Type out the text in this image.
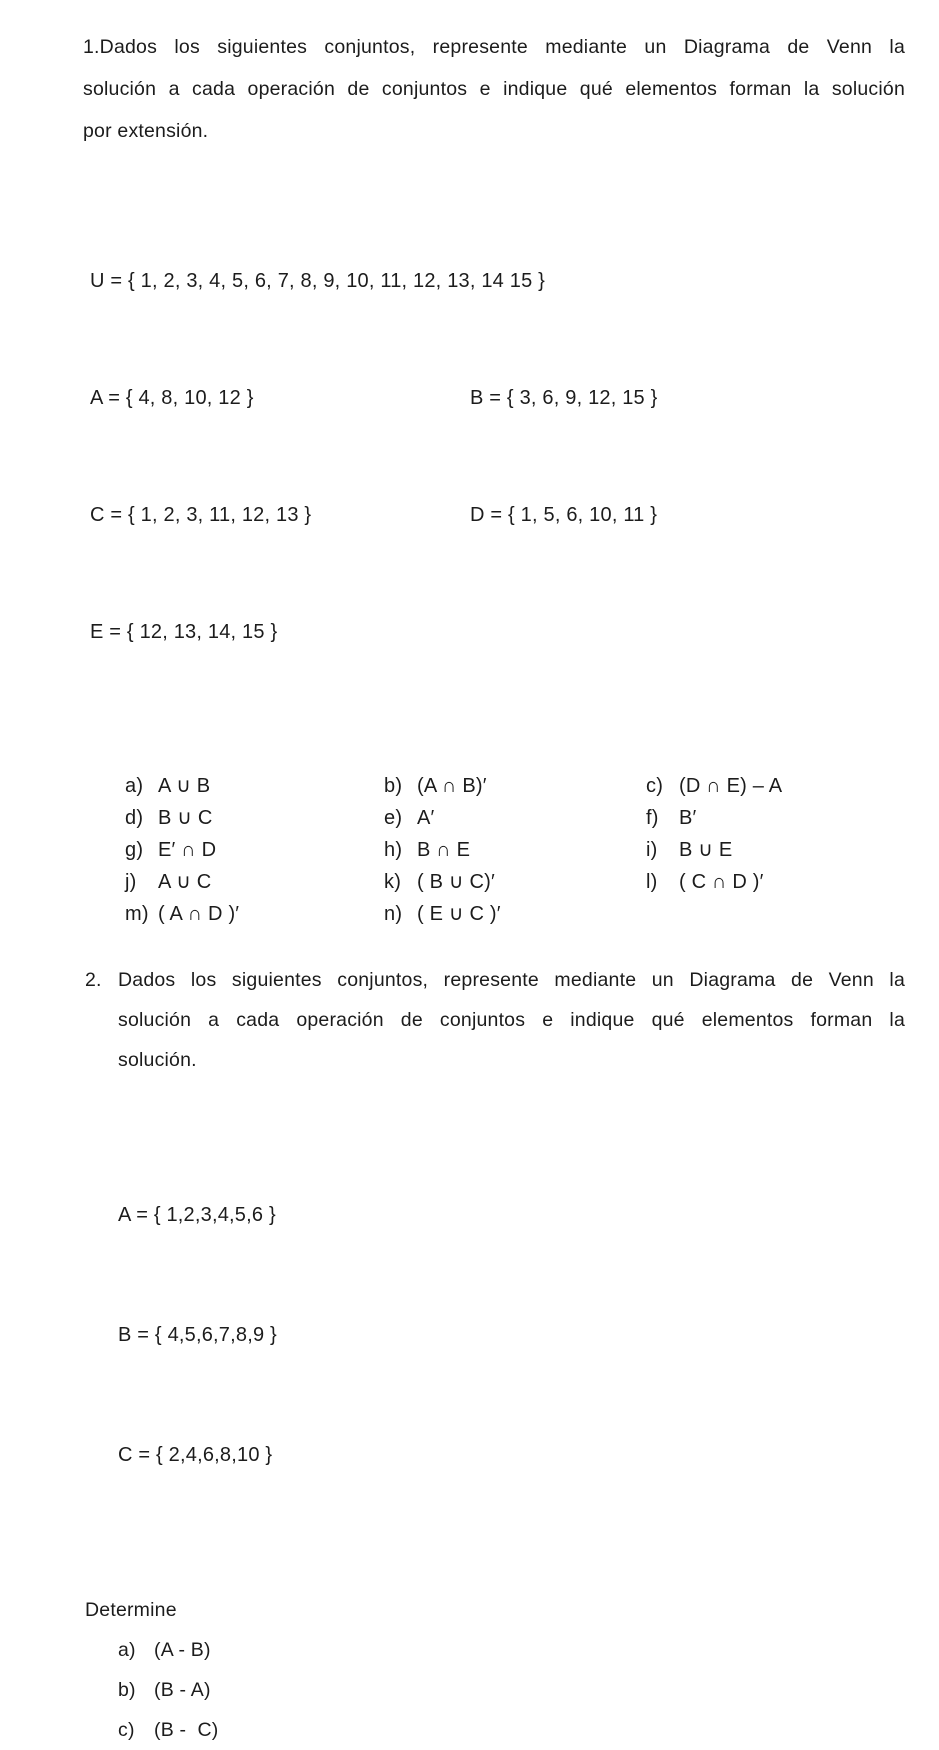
1.Dados los siguientes conjuntos, represente mediante un Diagrama de Venn la
solución a cada operación de conjuntos e indique qué elementos forman la solución
por extensión.

U = { 1, 2, 3, 4, 5, 6, 7, 8, 9, 10, 11, 12, 13, 14 15 }

A = { 4, 8, 10, 12 }	B = { 3, 6, 9, 12, 15 }

C = { 1, 2, 3, 11, 12, 13 }	D = { 1, 5, 6, 10, 11 }

E = { 12, 13, 14, 15 }

a) A ∪ B	b) (A ∩ B)′	c) (D ∩ E) – A
d) B ∪ C	e) A′	f)	B′
g) E′ ∩ D	h) B ∩ E	i)	B ∪ E
j)	A ∪ C	k) ( B ∪ C)′	l)	( C ∩ D )′
m) ( A ∩ D )′	n) ( E ∪ C )′
2. Dados los siguientes conjuntos, represente mediante un Diagrama de Venn la
solución a cada operación de conjuntos e indique qué elementos forman la
solución.

A = { 1,2,3,4,5,6 }

B = { 4,5,6,7,8,9 }

C = { 2,4,6,8,10 }

Determine
a) (A - B)
b) (B - A)
c) (B -  C)
